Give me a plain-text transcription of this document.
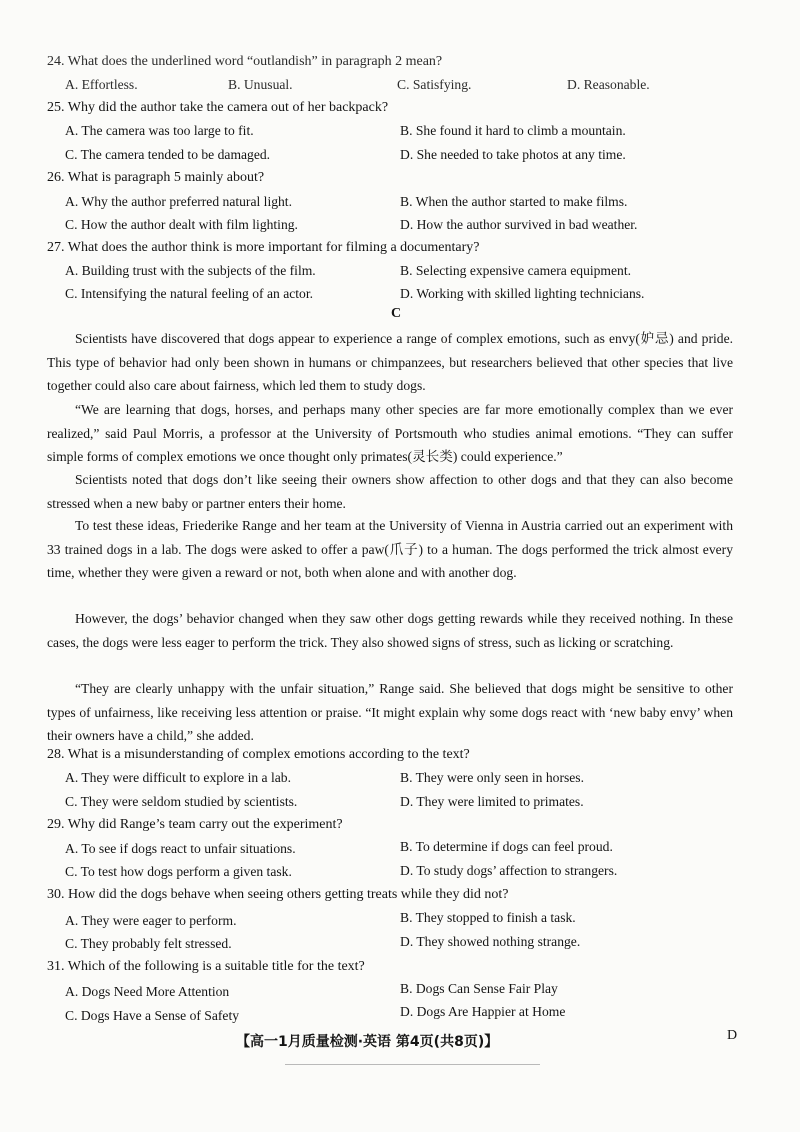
24. What does the underlined word “outlandish” in paragraph 2 mean?
A. Effortless.	B. Unusual.	C. Satisfying.	D. Reasonable.
25. Why did the author take the camera out of her backpack?
A. The camera was too large to fit.	B. She found it hard to climb a mountain.
C. The camera tended to be damaged.	D. She needed to take photos at any time.
26. What is paragraph 5 mainly about?
A. Why the author preferred natural light.	B. When the author started to make films.
C. How the author dealt with film lighting.	D. How the author survived in bad weather.
27. What does the author think is more important for filming a documentary?
A. Building trust with the subjects of the film.	B. Selecting expensive camera equipment.
C. Intensifying the natural feeling of an actor.	D. Working with skilled lighting technicians.
C

Scientists have discovered that dogs appear to experience a range of complex emotions, such as envy(妒忌) and pride. This type of behavior had only been shown in humans or chimpanzees, but researchers believed that other species that live together could also care about fairness, which led them to study dogs.

“We are learning that dogs, horses, and perhaps many other species are far more emotionally complex than we ever realized,” said Paul Morris, a professor at the University of Portsmouth who studies animal emotions. “They can suffer simple forms of complex emotions we once thought only primates(灵长类) could experience.”

Scientists noted that dogs don’t like seeing their owners show affection to other dogs and that they can also become stressed when a new baby or partner enters their home.

To test these ideas, Friederike Range and her team at the University of Vienna in Austria carried out an experiment with 33 trained dogs in a lab. The dogs were asked to offer a paw(爪子) to a human. The dogs performed the trick almost every time, whether they were given a reward or not, both when alone and with another dog.

However, the dogs’ behavior changed when they saw other dogs getting rewards while they received nothing. In these cases, the dogs were less eager to perform the trick. They also showed signs of stress, such as licking or scratching.

“They are clearly unhappy with the unfair situation,” Range said. She believed that dogs might be sensitive to other types of unfairness, like receiving less attention or praise. “It might explain why some dogs react with ‘new baby envy’ when their owners have a child,” she added.

28. What is a misunderstanding of complex emotions according to the text?
A. They were difficult to explore in a lab.	B. They were only seen in horses.
C. They were seldom studied by scientists.	D. They were limited to primates.
29. Why did Range’s team carry out the experiment?
A. To see if dogs react to unfair situations.	B. To determine if dogs can feel proud.
C. To test how dogs perform a given task.	D. To study dogs’ affection to strangers.
30. How did the dogs behave when seeing others getting treats while they did not?
A. They were eager to perform.	B. They stopped to finish a task.
C. They probably felt stressed.	D. They showed nothing strange.
31. Which of the following is a suitable title for the text?
A. Dogs Need More Attention	B. Dogs Can Sense Fair Play
C. Dogs Have a Sense of Safety	D. Dogs Are Happier at Home
【高一1月质量检测·英语 第4页(共8页)】	D
